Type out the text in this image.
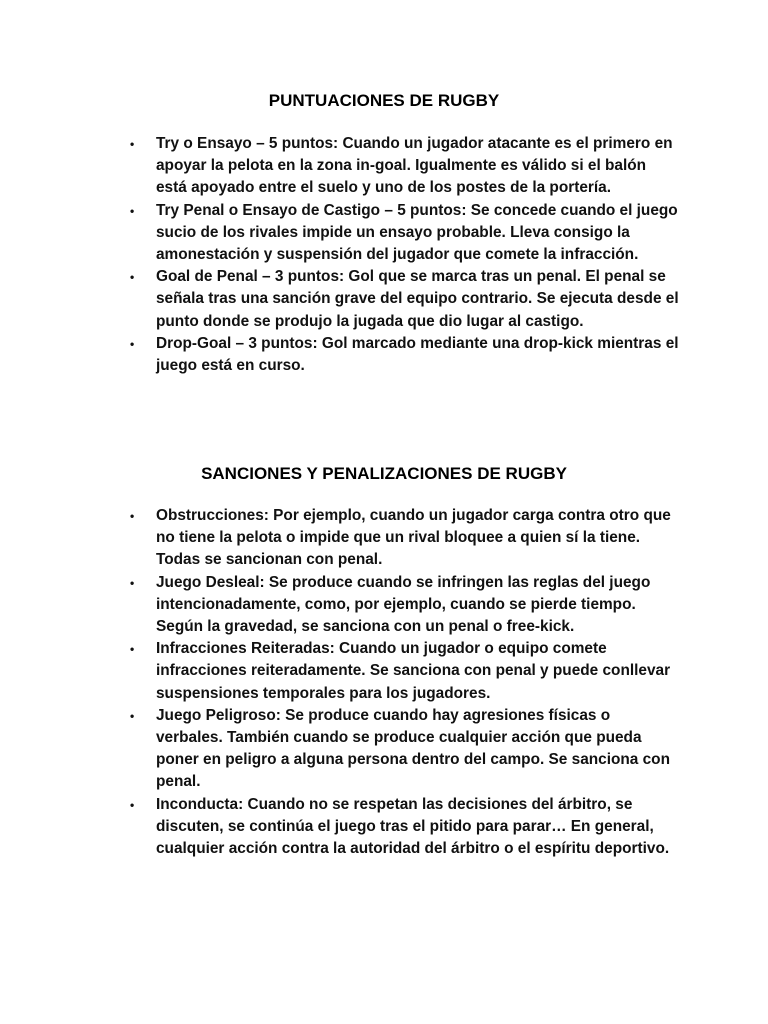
PUNTUACIONES DE RUGBY
• Try o Ensayo – 5 puntos: Cuando un jugador atacante es el primero en apoyar la pelota en la zona in-goal. Igualmente es válido si el balón está apoyado entre el suelo y uno de los postes de la portería.
• Try Penal o Ensayo de Castigo – 5 puntos: Se concede cuando el juego sucio de los rivales impide un ensayo probable. Lleva consigo la amonestación y suspensión del jugador que comete la infracción.
• Goal de Penal – 3 puntos: Gol que se marca tras un penal. El penal se señala tras una sanción grave del equipo contrario. Se ejecuta desde el punto donde se produjo la jugada que dio lugar al castigo.
• Drop-Goal – 3 puntos: Gol marcado mediante una drop-kick mientras el juego está en curso.
SANCIONES Y PENALIZACIONES DE RUGBY
• Obstrucciones: Por ejemplo, cuando un jugador carga contra otro que no tiene la pelota o impide que un rival bloquee a quien sí la tiene. Todas se sancionan con penal.
• Juego Desleal: Se produce cuando se infringen las reglas del juego intencionadamente, como, por ejemplo, cuando se pierde tiempo. Según la gravedad, se sanciona con un penal o free-kick.
• Infracciones Reiteradas: Cuando un jugador o equipo comete infracciones reiteradamente. Se sanciona con penal y puede conllevar suspensiones temporales para los jugadores.
• Juego Peligroso: Se produce cuando hay agresiones físicas o verbales. También cuando se produce cualquier acción que pueda poner en peligro a alguna persona dentro del campo. Se sanciona con penal.
• Inconducta: Cuando no se respetan las decisiones del árbitro, se discuten, se continúa el juego tras el pitido para parar… En general, cualquier acción contra la autoridad del árbitro o el espíritu deportivo.
